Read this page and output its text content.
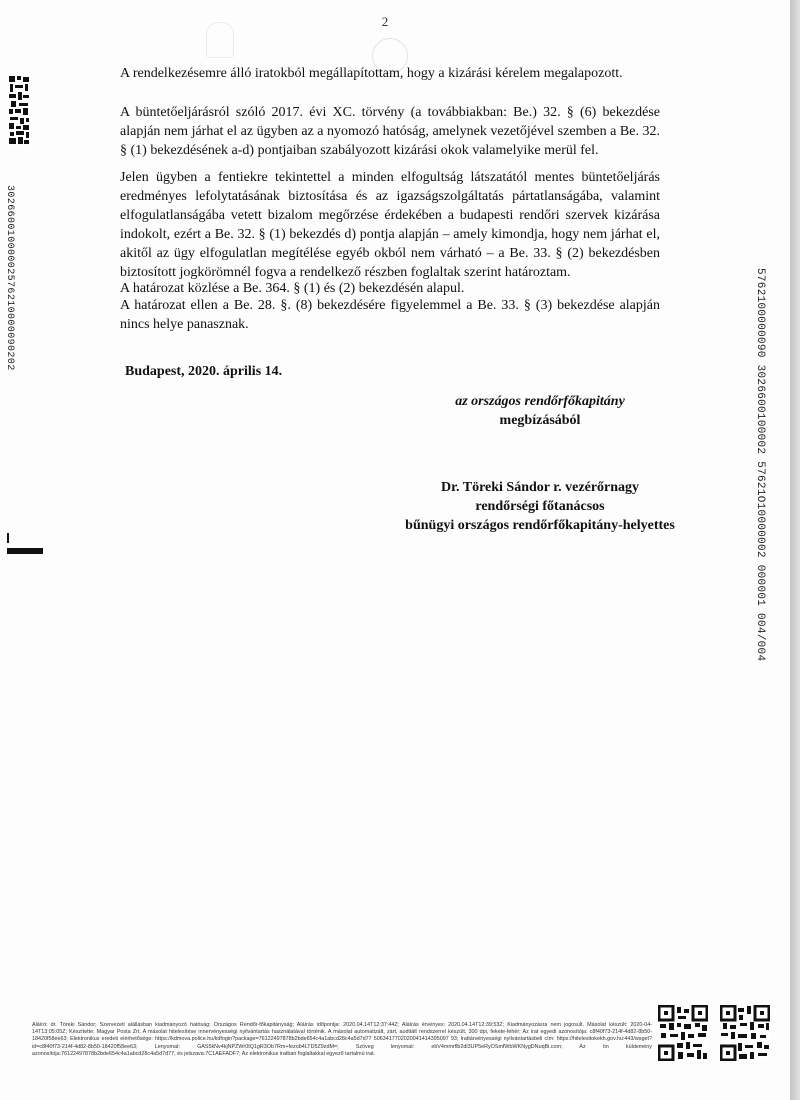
2
A rendelkezésemre álló iratokból megállapítottam, hogy a kizárási kérelem megalapozott.
A büntetőeljárásról szóló 2017. évi XC. törvény (a továbbiakban: Be.) 32. § (6) bekezdése alapján nem járhat el az ügyben az a nyomozó hatóság, amelynek vezetőjével szemben a Be. 32. § (1) bekezdésének a-d) pontjaiban szabályozott kizárási okok valamelyike merül fel.
Jelen ügyben a fentiekre tekintettel a minden elfogultság látszatától mentes büntetőeljárás eredményes lefolytatásának biztosítása és az igazságszolgáltatás pártatlanságába, valamint elfogulatlanságába vetett bizalom megőrzése érdekében a budapesti rendőri szervek kizárása indokolt, ezért a Be. 32. § (1) bekezdés d) pontja alapján – amely kimondja, hogy nem járhat el, akitől az ügy elfogulatlan megítélése egyéb okból nem várható – a Be. 33. § (2) bekezdésben biztosított jogkörömnél fogva a rendelkező részben foglaltak szerint határoztam.
A határozat közlése a Be. 364. § (1) és (2) bekezdésén alapul.
A határozat ellen a Be. 28. §. (8) bekezdésére figyelemmel a Be. 33. § (3) bekezdése alapján nincs helye panasznak.
Budapest, 2020. április 14.
az országos rendőrfőkapitány
megbízásából
Dr. Töreki Sándor r. vezérőrnagy
rendőrségi főtanácsos
bűnügyi országos rendőrfőkapitány-helyettes
30266001000002576210000090202	5762100000090 3026600100002 57621O10000002 000001 004/004
Aláíró: dr. Töreki Sándor; Szervezeti alállásban kiadmányozó hatóság: Országos Rendőr-főkapitányság; Aláírás időpontja: 2020.04.14T12:37:44Z; Aláírás érvényes: 2020.04.14T12:39:53Z; Kiadmányozásra nem jogosult. Másolat készült: 2020-04-14T13:05:05Z; Készítette: Magyar Posta Zrt. A másolat hitelesítése innervényességi nyilvántartás használatával történik. A másolat automatizált, zárt, auditált rendszerrel készült, 300 dpi, fekete-fehér; Az irat egyedi azonosítója: c8f40f73-214f-4d82-8b50-18420f58ee63; Elektronikus eredeti elérhetősége: https://kdmova.police.hu/kdfogin?package=76122497878b2bde654c4a1abcd28c4a5d7d77 5063417702020041414395097 93; Irattárvényességi nyilvántartásbeli cím: https://hitelesitokekh.gov.hu:443/wsget?id=c8f40f73-214f-4d82-8b50-18420f58ee63; Lenyomat: GAS5kNv4kjNPZWr0tQ1gR3Ob7Rm+fezob4LTD5Z9zdM=; Szöveg lenyomat: ebV4mmrflb2dl3UP5eRyOSmfWbWKNygDNuqBi.com; Az ön küldemény azonosítója:76122497878b2bde654c4a1abcd28c4a5d7d77, és jelszava:7C1AEFADF7; Az elektronikus iratban foglaltakkal egyező tartalmú irat.
